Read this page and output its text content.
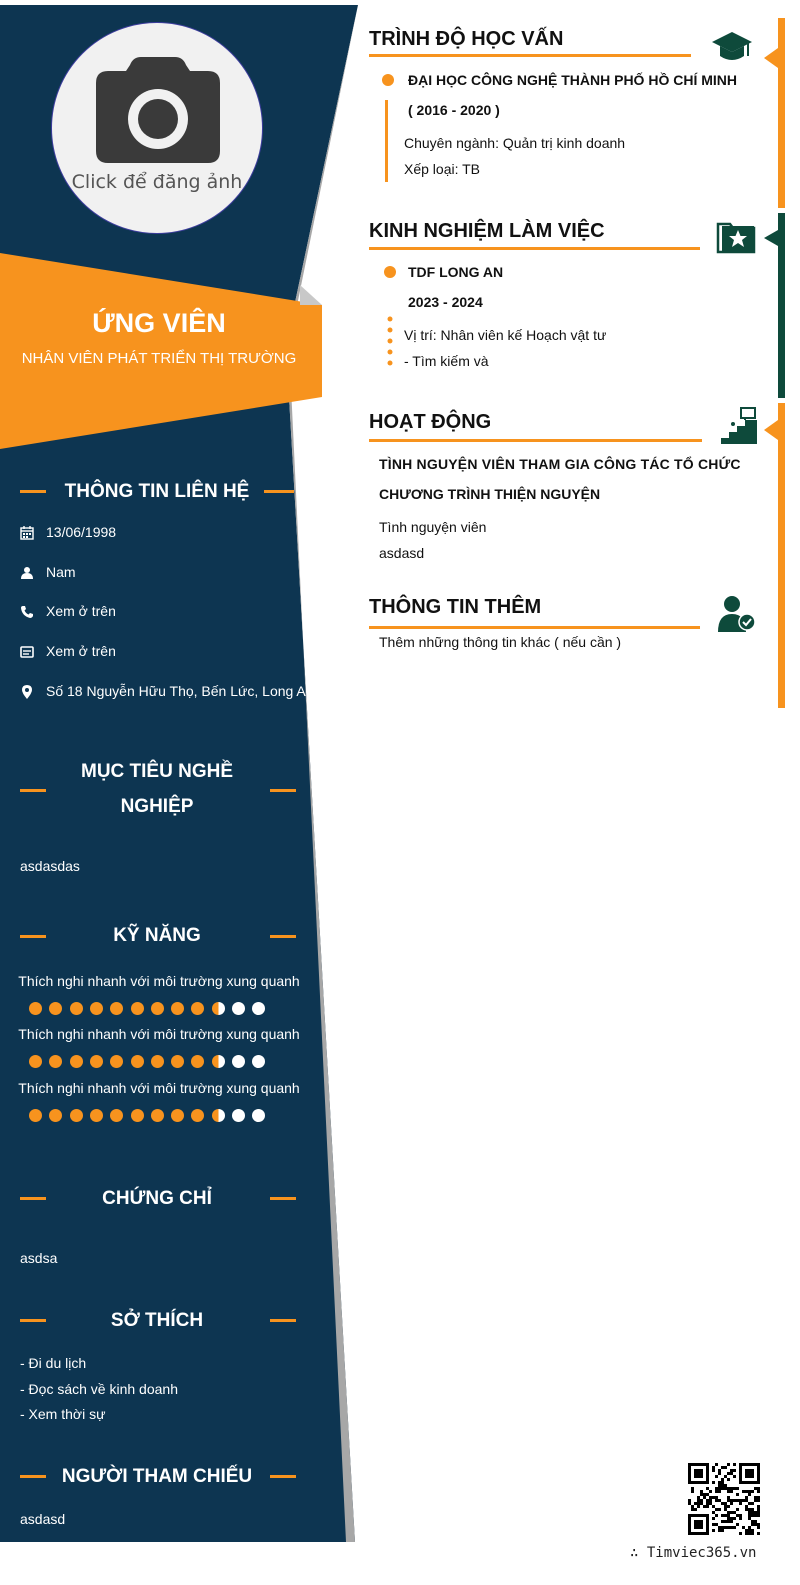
Click để đăng ảnh
ỨNG VIÊN
NHÂN VIÊN PHÁT TRIỂN THỊ TRƯỜNG
THÔNG TIN LIÊN HỆ
13/06/1998
Nam
Xem ở trên
Xem ở trên
Số 18 Nguyễn Hữu Thọ, Bến Lức, Long An
MỤC TIÊU NGHỀ
NGHIỆP
asdasdas
KỸ NĂNG
Thích nghi nhanh với môi trường xung quanh
Thích nghi nhanh với môi trường xung quanh
Thích nghi nhanh với môi trường xung quanh
CHỨNG CHỈ
asdsa
SỞ THÍCH
- Đi du lịch
- Đọc sách về kinh doanh
- Xem thời sự
NGƯỜI THAM CHIẾU
asdasd
TRÌNH ĐỘ HỌC VẤN
ĐẠI HỌC CÔNG NGHỆ THÀNH PHỐ HỒ CHÍ MINH
( 2016 - 2020 )
Chuyên ngành: Quản trị kinh doanh
Xếp loại: TB
KINH NGHIỆM LÀM VIỆC
TDF LONG AN
2023 - 2024
Vị trí: Nhân viên kế Hoạch vật tư
- Tìm kiếm và
HOẠT ĐỘNG
TÌNH NGUYỆN VIÊN THAM GIA CÔNG TÁC TỔ CHỨC
CHƯƠNG TRÌNH THIỆN NGUYỆN
Tình nguyện viên
asdasd
THÔNG TIN THÊM
Thêm những thông tin khác ( nếu cần )
∴ Timviec365.vn
